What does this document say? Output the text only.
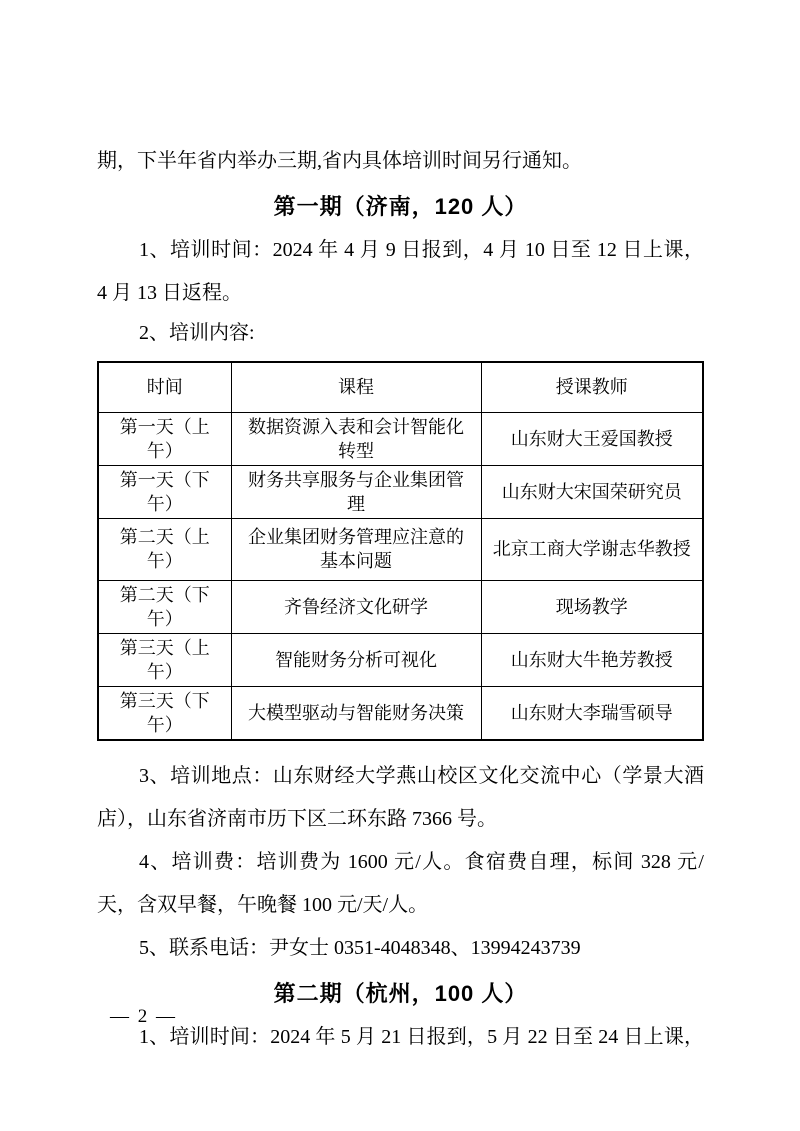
期，下半年省内举办三期,省内具体培训时间另行通知。
第一期（济南，120 人）
1、培训时间：2024 年 4 月 9 日报到，4 月 10 日至 12 日上课，
4 月 13 日返程。
2、培训内容:
时间	课程	授课教师
第一天（上午）	数据资源入表和会计智能化转型	山东财大王爱国教授
第一天（下午）	财务共享服务与企业集团管理	山东财大宋国荣研究员
第二天（上午）	企业集团财务管理应注意的基本问题	北京工商大学谢志华教授
第二天（下午）	齐鲁经济文化研学	现场教学
第三天（上午）	智能财务分析可视化	山东财大牛艳芳教授
第三天（下午）	大模型驱动与智能财务决策	山东财大李瑞雪硕导
3、培训地点：山东财经大学燕山校区文化交流中心（学景大酒
店），山东省济南市历下区二环东路 7366 号。
4、培训费：培训费为 1600 元/人。食宿费自理，标间 328 元/
天，含双早餐，午晚餐 100 元/天/人。
5、联系电话：尹女士 0351-4048348、13994243739
第二期（杭州，100 人）
1、培训时间：2024 年 5 月 21 日报到，5 月 22 日至 24 日上课，
— 2 —
